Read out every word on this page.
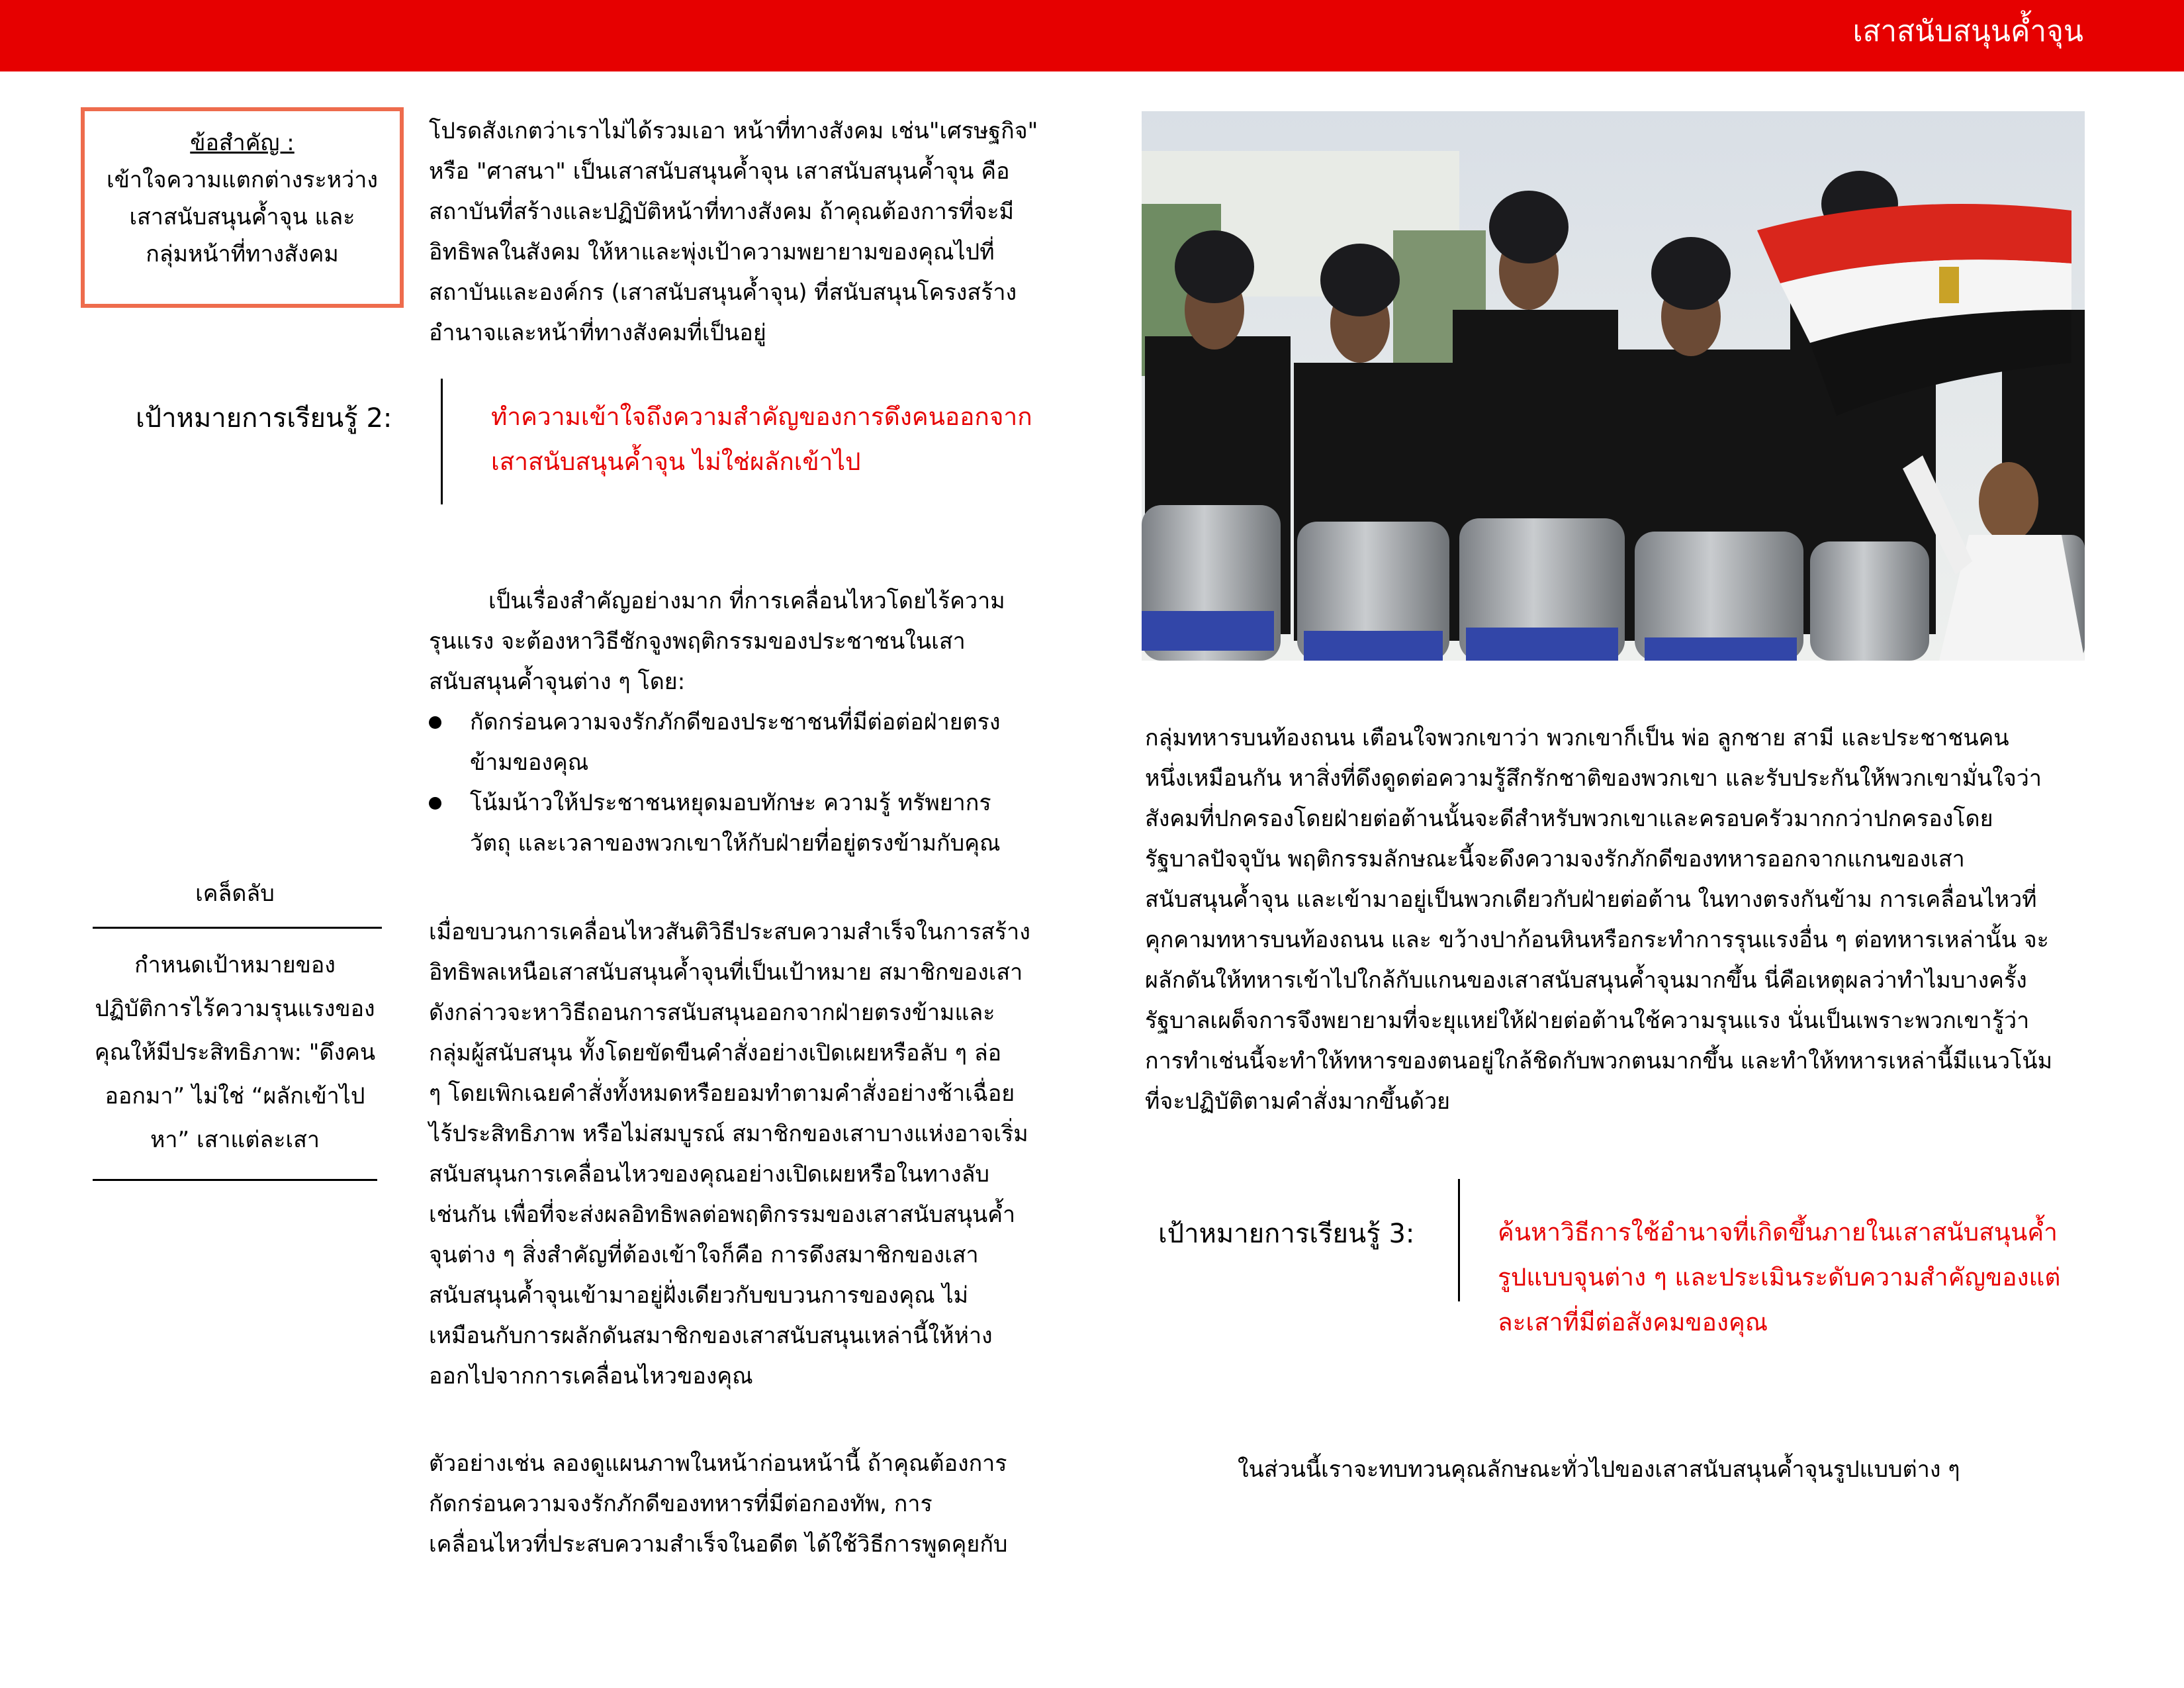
เสาสนับสนุนค้ำจุน
ข้อสำคัญ :
เข้าใจความแตกต่างระหว่าง
เสาสนับสนุนค้ำจุน และ
กลุ่มหน้าที่ทางสังคม
โปรดสังเกตว่าเราไม่ได้รวมเอา หน้าที่ทางสังคม เช่น"เศรษฐกิจ"
หรือ "ศาสนา" เป็นเสาสนับสนุนค้ำจุน เสาสนับสนุนค้ำจุน คือ
สถาบันที่สร้างและปฏิบัติหน้าที่ทางสังคม ถ้าคุณต้องการที่จะมี
อิทธิพลในสังคม ให้หาและพุ่งเป้าความพยายามของคุณไปที่
สถาบันและองค์กร (เสาสนับสนุนค้ำจุน) ที่สนับสนุนโครงสร้าง
อำนาจและหน้าที่ทางสังคมที่เป็นอยู่
เป้าหมายการเรียนรู้ 2:	ทำความเข้าใจถึงความสำคัญของการดึงคนออกจาก
เสาสนับสนุนค้ำจุน ไม่ใช่ผลักเข้าไป
เป็นเรื่องสำคัญอย่างมาก ที่การเคลื่อนไหวโดยไร้ความ
รุนแรง จะต้องหาวิธีชักจูงพฤติกรรมของประชาชนในเสา
สนับสนุนค้ำจุนต่าง ๆ โดย:
กัดกร่อนความจงรักภักดีของประชาชนที่มีต่อต่อฝ่ายตรง
ข้ามของคุณ
โน้มน้าวให้ประชาชนหยุดมอบทักษะ ความรู้ ทรัพยากร
วัตถุ และเวลาของพวกเขาให้กับฝ่ายที่อยู่ตรงข้ามกับคุณ
เคล็ดลับ
กำหนดเป้าหมายของ
ปฏิบัติการไร้ความรุนแรงของ
คุณให้มีประสิทธิภาพ: "ดึงคน
ออกมา” ไม่ใช่ “ผลักเข้าไป
หา” เสาแต่ละเสา
เมื่อขบวนการเคลื่อนไหวสันติวิธีประสบความสำเร็จในการสร้าง
อิทธิพลเหนือเสาสนับสนุนค้ำจุนที่เป็นเป้าหมาย สมาชิกของเสา
ดังกล่าวจะหาวิธีถอนการสนับสนุนออกจากฝ่ายตรงข้ามและ
กลุ่มผู้สนับสนุน ทั้งโดยขัดขืนคำสั่งอย่างเปิดเผยหรือลับ ๆ ล่อ
ๆ โดยเพิกเฉยคำสั่งทั้งหมดหรือยอมทำตามคำสั่งอย่างช้าเฉื่อย
ไร้ประสิทธิภาพ หรือไม่สมบูรณ์ สมาชิกของเสาบางแห่งอาจเริ่ม
สนับสนุนการเคลื่อนไหวของคุณอย่างเปิดเผยหรือในทางลับ
เช่นกัน เพื่อที่จะส่งผลอิทธิพลต่อพฤติกรรมของเสาสนับสนุนค้ำ
จุนต่าง ๆ สิ่งสำคัญที่ต้องเข้าใจก็คือ การดึงสมาชิกของเสา
สนับสนุนค้ำจุนเข้ามาอยู่ฝั่งเดียวกับขบวนการของคุณ ไม่
เหมือนกับการผลักดันสมาชิกของเสาสนับสนุนเหล่านี้ให้ห่าง
ออกไปจากการเคลื่อนไหวของคุณ
ตัวอย่างเช่น ลองดูแผนภาพในหน้าก่อนหน้านี้ ถ้าคุณต้องการ
กัดกร่อนความจงรักภักดีของทหารที่มีต่อกองทัพ, การ
เคลื่อนไหวที่ประสบความสำเร็จในอดีต ได้ใช้วิธีการพูดคุยกับ
กลุ่มทหารบนท้องถนน เตือนใจพวกเขาว่า พวกเขาก็เป็น พ่อ ลูกชาย สามี และประชาชนคน
หนึ่งเหมือนกัน หาสิ่งที่ดึงดูดต่อความรู้สึกรักชาติของพวกเขา และรับประกันให้พวกเขามั่นใจว่า
สังคมที่ปกครองโดยฝ่ายต่อต้านนั้นจะดีสำหรับพวกเขาและครอบครัวมากกว่าปกครองโดย
รัฐบาลปัจจุบัน พฤติกรรมลักษณะนี้จะดึงความจงรักภักดีของทหารออกจากแกนของเสา
สนับสนุนค้ำจุน และเข้ามาอยู่เป็นพวกเดียวกับฝ่ายต่อต้าน ในทางตรงกันข้าม การเคลื่อนไหวที่
คุกคามทหารบนท้องถนน และ ขว้างปาก้อนหินหรือกระทำการรุนแรงอื่น ๆ ต่อทหารเหล่านั้น จะ
ผลักดันให้ทหารเข้าไปใกล้กับแกนของเสาสนับสนุนค้ำจุนมากขึ้น นี่คือเหตุผลว่าทำไมบางครั้ง
รัฐบาลเผด็จการจึงพยายามที่จะยุแหย่ให้ฝ่ายต่อต้านใช้ความรุนแรง นั่นเป็นเพราะพวกเขารู้ว่า
การทำเช่นนี้จะทำให้ทหารของตนอยู่ใกล้ชิดกับพวกตนมากขึ้น และทำให้ทหารเหล่านี้มีแนวโน้ม
ที่จะปฏิบัติตามคำสั่งมากขึ้นด้วย
เป้าหมายการเรียนรู้ 3:	ค้นหาวิธีการใช้อำนาจที่เกิดขึ้นภายในเสาสนับสนุนค้ำ
รูปแบบจุนต่าง ๆ และประเมินระดับความสำคัญของแต่
ละเสาที่มีต่อสังคมของคุณ
ในส่วนนี้เราจะทบทวนคุณลักษณะทั่วไปของเสาสนับสนุนค้ำจุนรูปแบบต่าง ๆ
